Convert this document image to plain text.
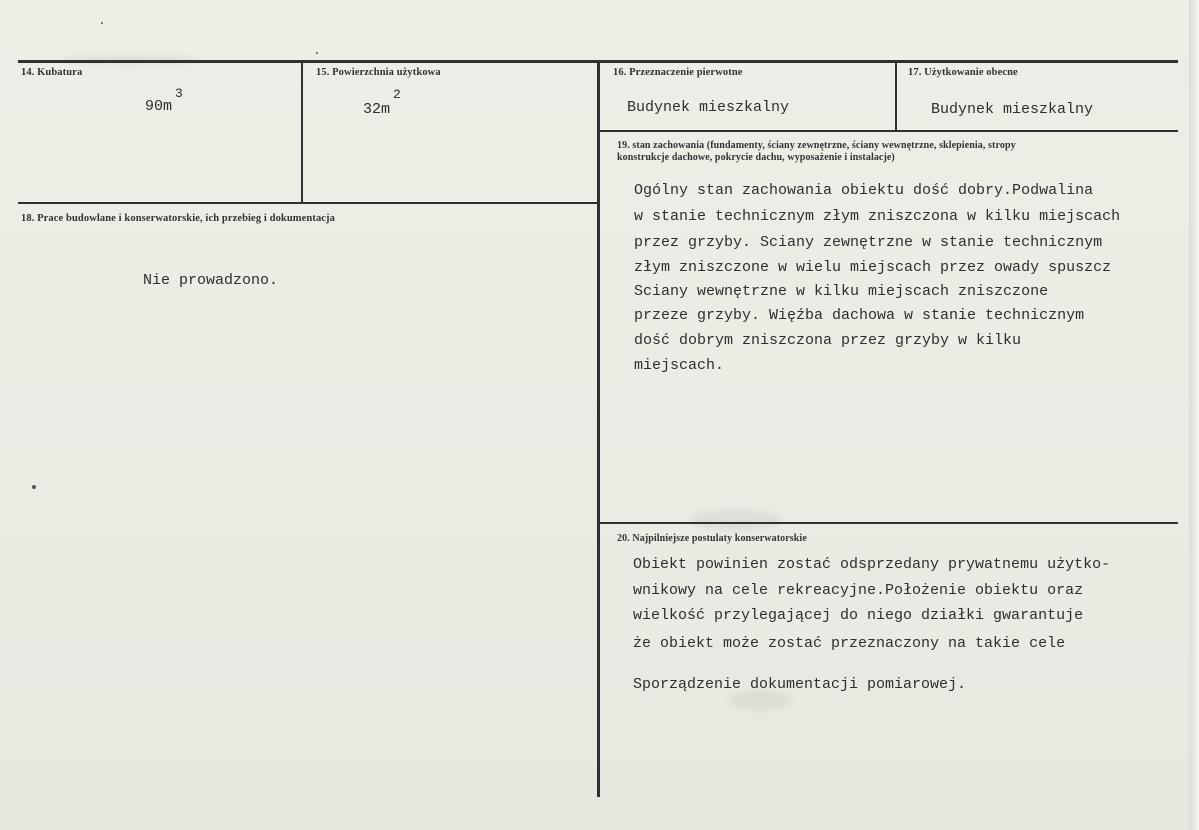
14. Kubatura
90m
3
15. Powierzchnia użytkowa
32m
2
16. Przeznaczenie pierwotne
Budynek mieszkalny
17. Użytkowanie obecne
Budynek mieszkalny
18. Prace budowlane i konserwatorskie, ich przebieg i dokumentacja
Nie prowadzono.
19. stan zachowania (fundamenty, ściany zewnętrzne, ściany wewnętrzne, sklepienia, stropy
konstrukcje dachowe, pokrycie dachu, wyposażenie i instalacje)
Ogólny stan zachowania obiektu dość dobry.Podwalina
w stanie technicznym złym zniszczona w kilku miejscach
przez grzyby. Sciany zewnętrzne w stanie technicznym
złym zniszczone w wielu miejscach przez owady spuszcz
Sciany wewnętrzne w kilku miejscach zniszczone
przeze grzyby. Więźba dachowa w stanie technicznym
dość dobrym zniszczona przez grzyby w kilku
miejscach.
20. Najpilniejsze postulaty konserwatorskie
Obiekt powinien zostać odsprzedany prywatnemu użytko-
wnikowy na cele rekreacyjne.Położenie obiektu oraz
wielkość przylegającej do niego działki gwarantuje
że obiekt może zostać przeznaczony na takie cele
Sporządzenie dokumentacji pomiarowej.
